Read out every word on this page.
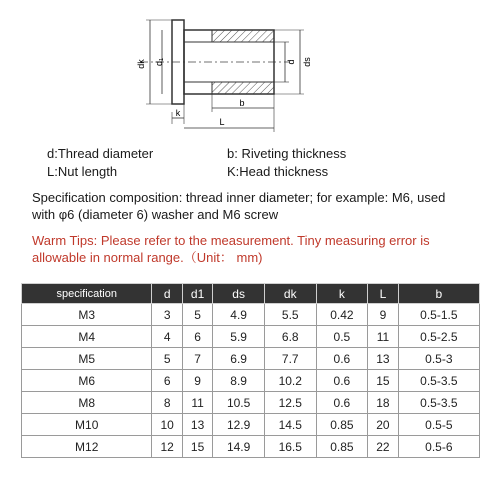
dk d₁	d ds
b
k
L
d:Thread diameter	b: Riveting thickness
L:Nut length	K:Head thickness

Specification composition: thread inner diameter; for example: M6, used with φ6 (diameter 6) washer and M6 screw

Warm Tips: Please refer to the measurement. Tiny measuring error is allowable in normal range.（Unit： mm)

specification	d	d1	ds	dk	k	L	b
M3	3	5	4.9	5.5	0.42	9	0.5-1.5
M4	4	6	5.9	6.8	0.5	11	0.5-2.5
M5	5	7	6.9	7.7	0.6	13	0.5-3
M6	6	9	8.9	10.2	0.6	15	0.5-3.5
M8	8	11	10.5	12.5	0.6	18	0.5-3.5
M10	10	13	12.9	14.5	0.85	20	0.5-5
M12	12	15	14.9	16.5	0.85	22	0.5-6
